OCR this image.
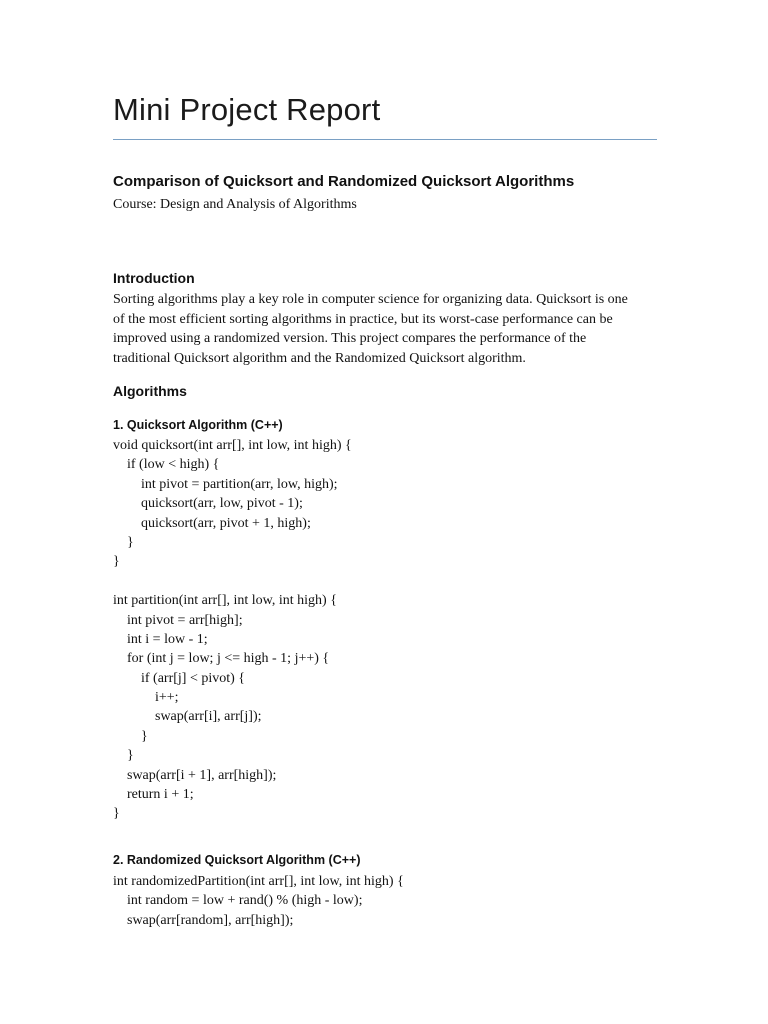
Mini Project Report
Comparison of Quicksort and Randomized Quicksort Algorithms

Course: Design and Analysis of Algorithms

Introduction

Sorting algorithms play a key role in computer science for organizing data. Quicksort is one
of the most efficient sorting algorithms in practice, but its worst-case performance can be
improved using a randomized version. This project compares the performance of the
traditional Quicksort algorithm and the Randomized Quicksort algorithm.

Algorithms
1. Quicksort Algorithm (C++)
void quicksort(int arr[], int low, int high) {
if (low < high) {
int pivot = partition(arr, low, high);
quicksort(arr, low, pivot - 1);
quicksort(arr, pivot + 1, high);
}
}
int partition(int arr[], int low, int high) {
int pivot = arr[high];
int i = low - 1;
for (int j = low; j <= high - 1; j++) {
if (arr[j] < pivot) {
i++;
swap(arr[i], arr[j]);
}
}
swap(arr[i + 1], arr[high]);
return i + 1;
}
2. Randomized Quicksort Algorithm (C++)
int randomizedPartition(int arr[], int low, int high) {
int random = low + rand() % (high - low);
swap(arr[random], arr[high]);
